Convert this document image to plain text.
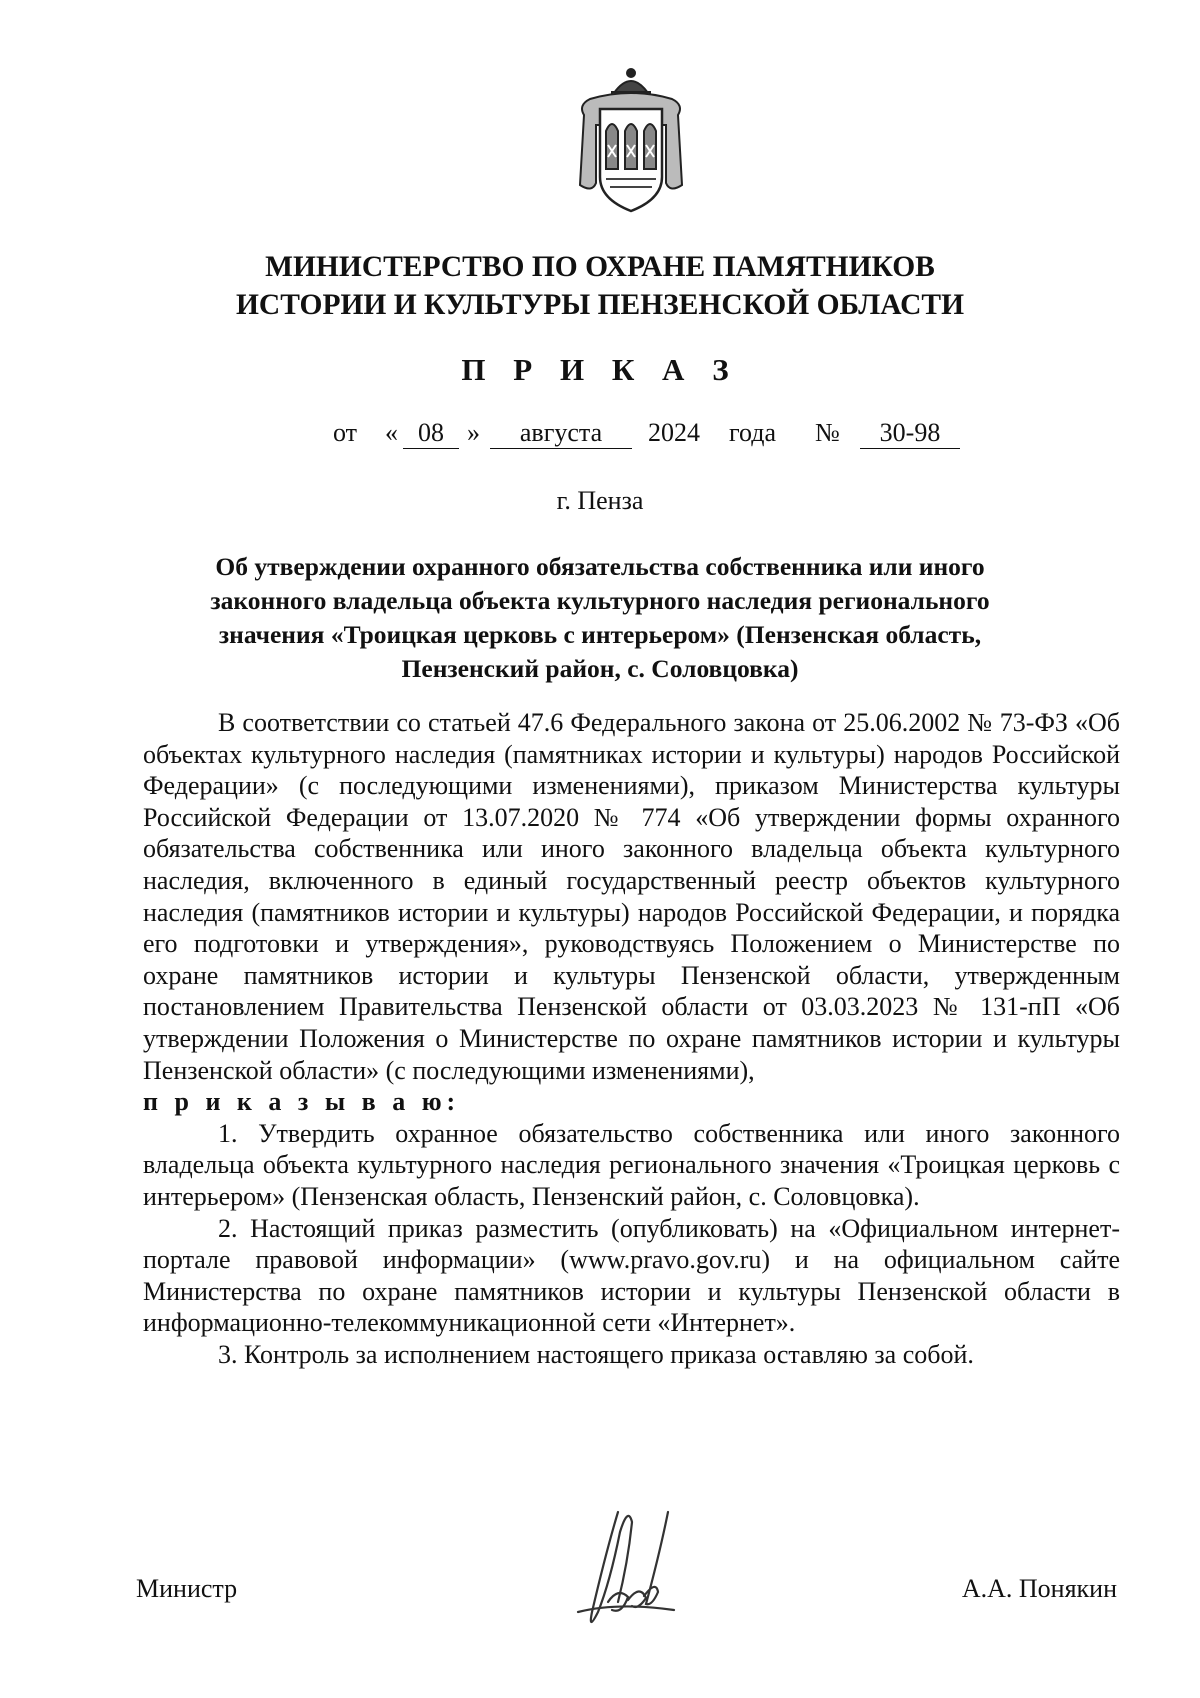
МИНИСТЕРСТВО ПО ОХРАНЕ ПАМЯТНИКОВ
ИСТОРИИ И КУЛЬТУРЫ ПЕНЗЕНСКОЙ ОБЛАСТИ
П Р И К А З
от « 08 »	августа	2024 года №	30-98
г. Пенза
Об утверждении охранного обязательства собственника или иного
законного владельца объекта культурного наследия регионального
значения «Троицкая церковь с интерьером» (Пензенская область,
Пензенский район, с. Соловцовка)

В соответствии со статьей 47.6 Федерального закона от 25.06.2002 № 73-ФЗ «Об объектах культурного наследия (памятниках истории и культуры) народов Российской Федерации» (с последующими изменениями), приказом Министерства культуры Российской Федерации от 13.07.2020 № 774 «Об утверждении формы охранного обязательства собственника или иного законного владельца объекта культурного наследия, включенного в единый государственный реестр объектов культурного наследия (памятников истории и культуры) народов Российской Федерации, и порядка его подготовки и утверждения», руководствуясь Положением о Министерстве по охране памятников истории и культуры Пензенской области, утвержденным постановлением Правительства Пензенской области от 03.03.2023 № 131-пП «Об утверждении Положения о Министерстве по охране памятников истории и культуры Пензенской области» (с последующими изменениями),

п р и к а з ы в а ю:

1. Утвердить охранное обязательство собственника или иного законного владельца объекта культурного наследия регионального значения «Троицкая церковь с интерьером» (Пензенская область, Пензенский район, с. Соловцовка).

2. Настоящий приказ разместить (опубликовать) на «Официальном интернет-портале правовой информации» (www.pravo.gov.ru) и на официальном сайте Министерства по охране памятников истории и культуры Пензенской области в информационно-телекоммуникационной сети «Интернет».

3. Контроль за исполнением настоящего приказа оставляю за собой.

Министр	А.А. Понякин
